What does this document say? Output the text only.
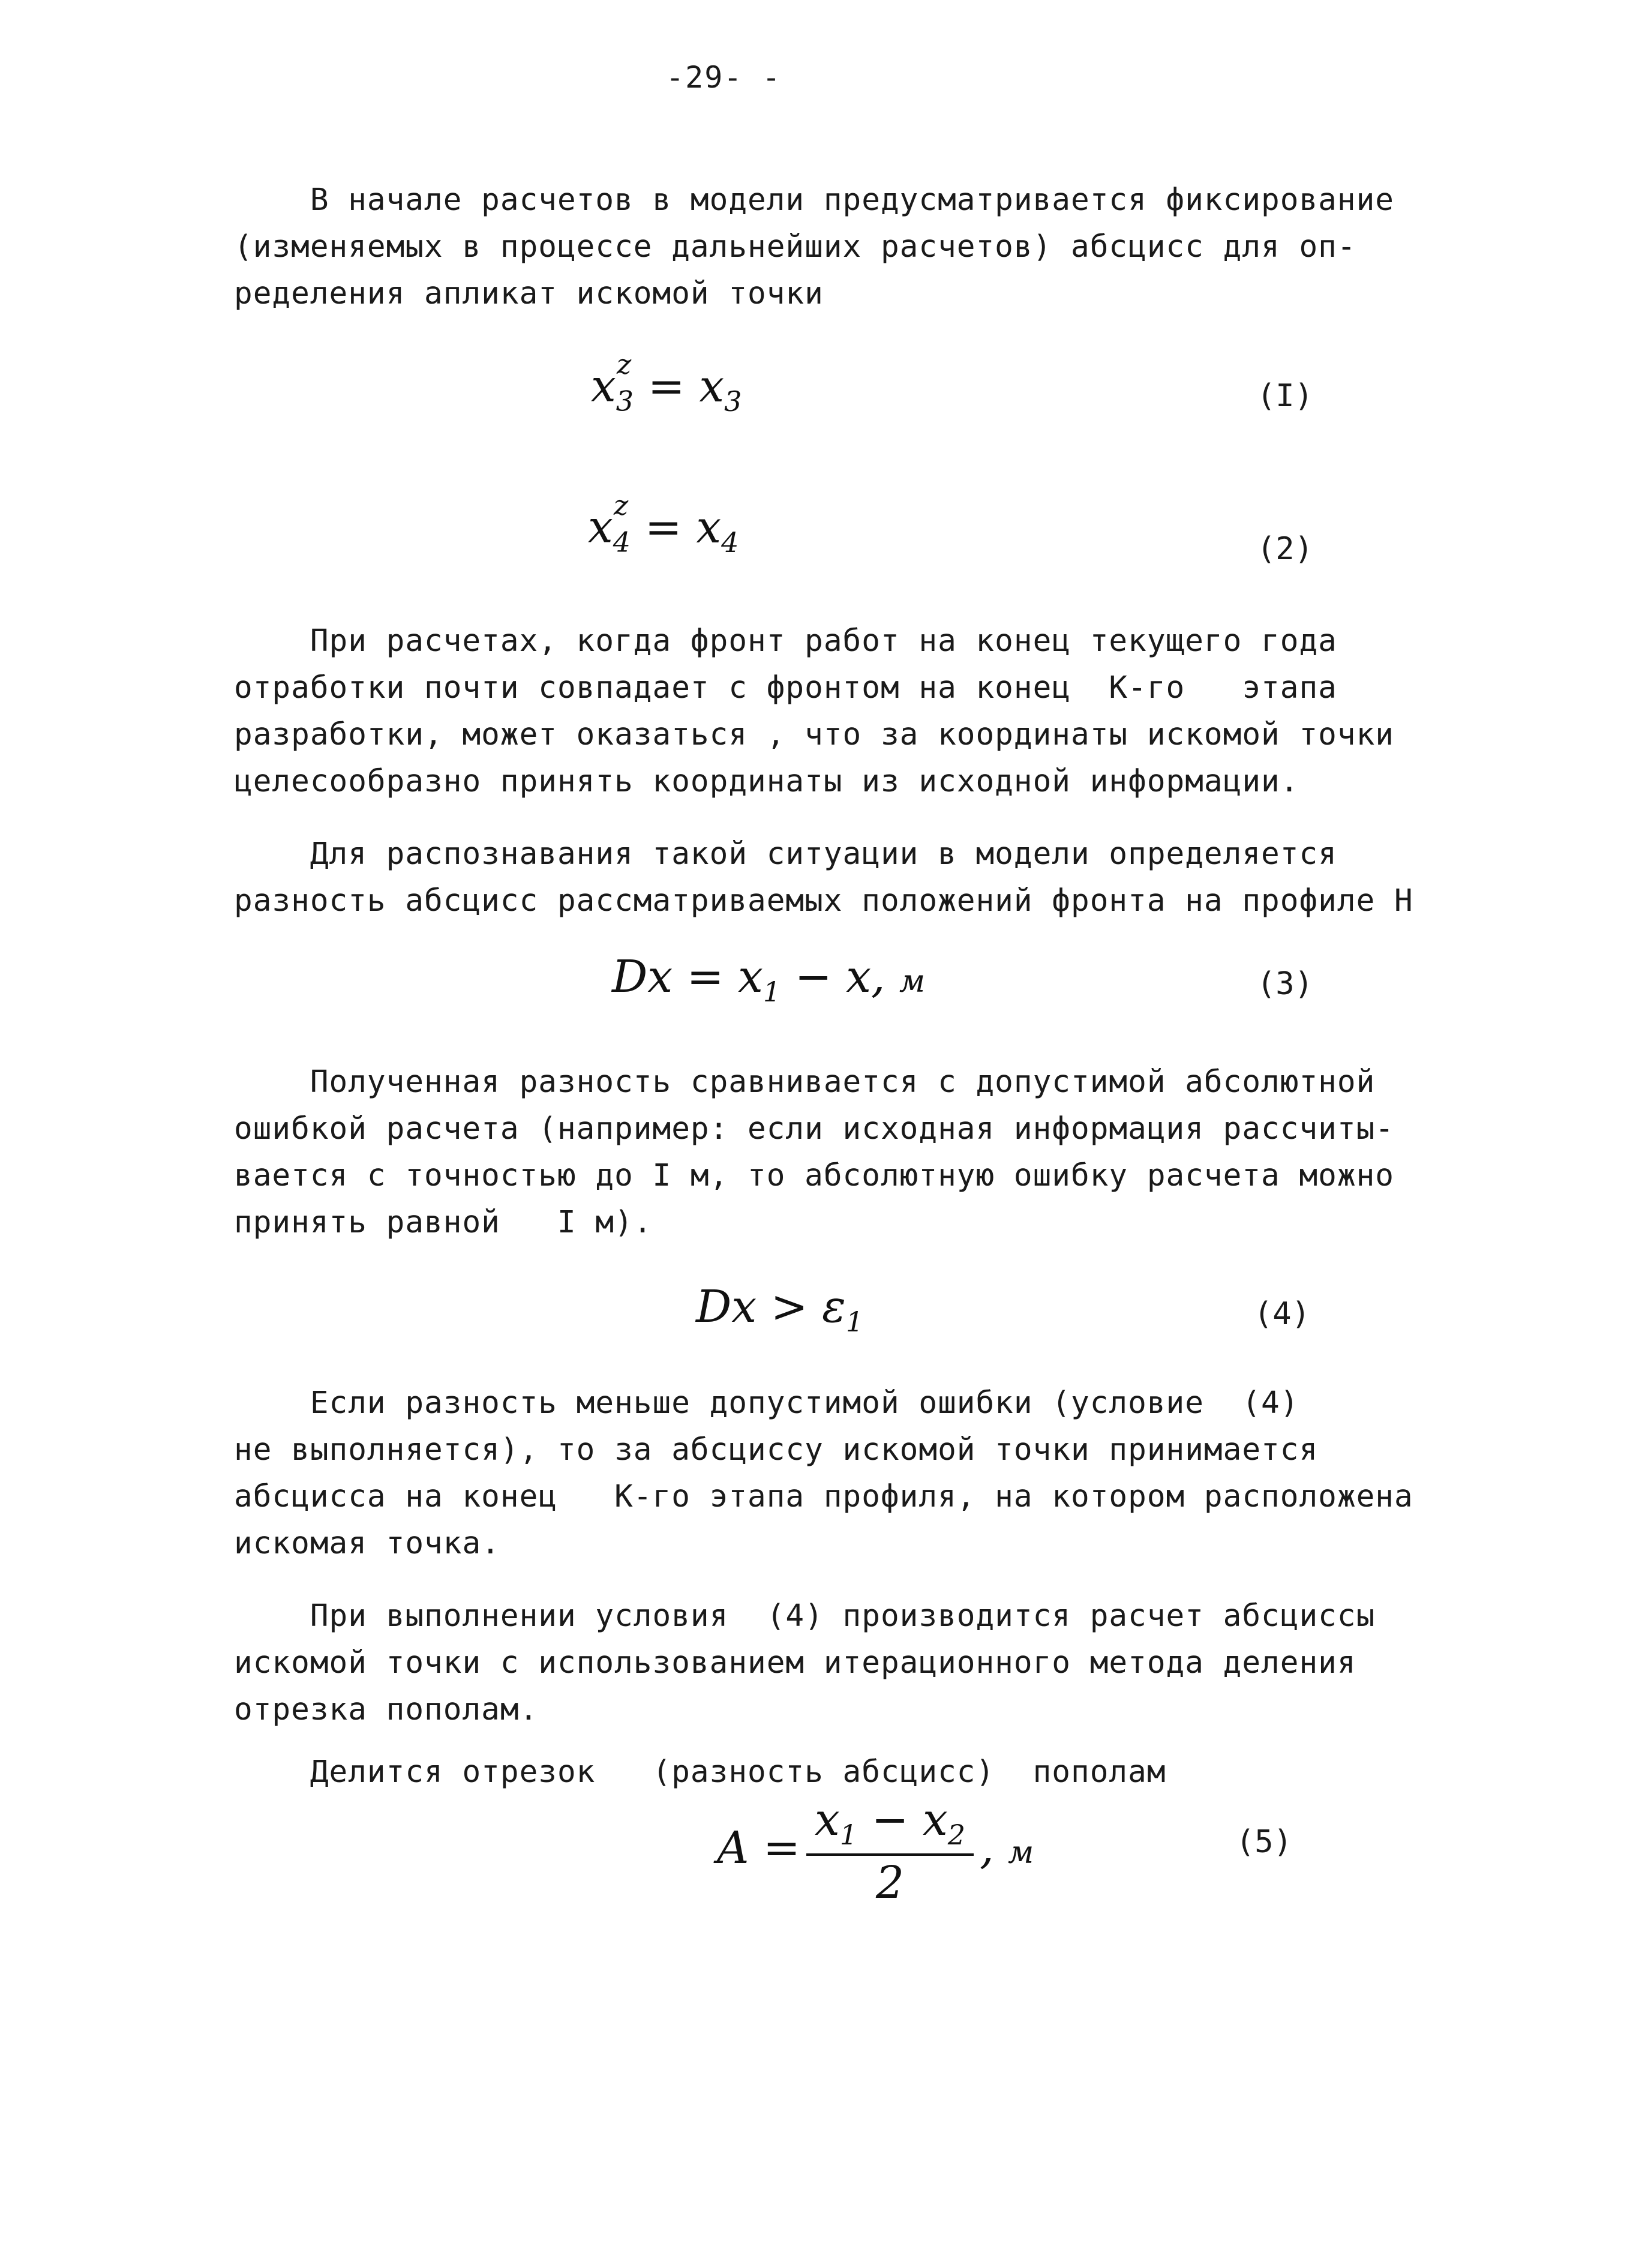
-29- -

В начале расчетов в модели предусматривается фиксирование
(изменяемых в процессе дальнейших расчетов) абсцисс для оп-
ределения апликат искомой точки

$x_3^z = x_3$	(I)
$x_4^z = x_4$	(2)

При расчетах, когда фронт работ на конец текущего года
отработки почти совпадает с фронтом на конец  К-го   этапа
разработки, может оказаться , что за координаты искомой точки
целесообразно принять координаты из исходной информации.

Для распознавания такой ситуации в модели определяется
разность абсцисс рассматриваемых положений фронта на профиле Н

$Dx = x_1 - x$, м	(3)

Полученная разность сравнивается с допустимой абсолютной
ошибкой расчета (например: если исходная информация рассчиты-
вается с точностью до I м, то абсолютную ошибку расчета можно
принять равной   I м).

$Dx > \varepsilon_1$	(4)

Если разность меньше допустимой ошибки (условие  (4)
не выполняется), то за абсциссу искомой точки принимается
абсцисса на конец   К-го этапа профиля, на котором расположена
искомая точка.

При выполнении условия  (4) производится расчет абсциссы
искомой точки с использованием итерационного метода деления
отрезка пополам.

Делится отрезок   (разность абсцисс)  пополам

$A = \frac{x_1 - x_2}{2}$ , м	(5)
